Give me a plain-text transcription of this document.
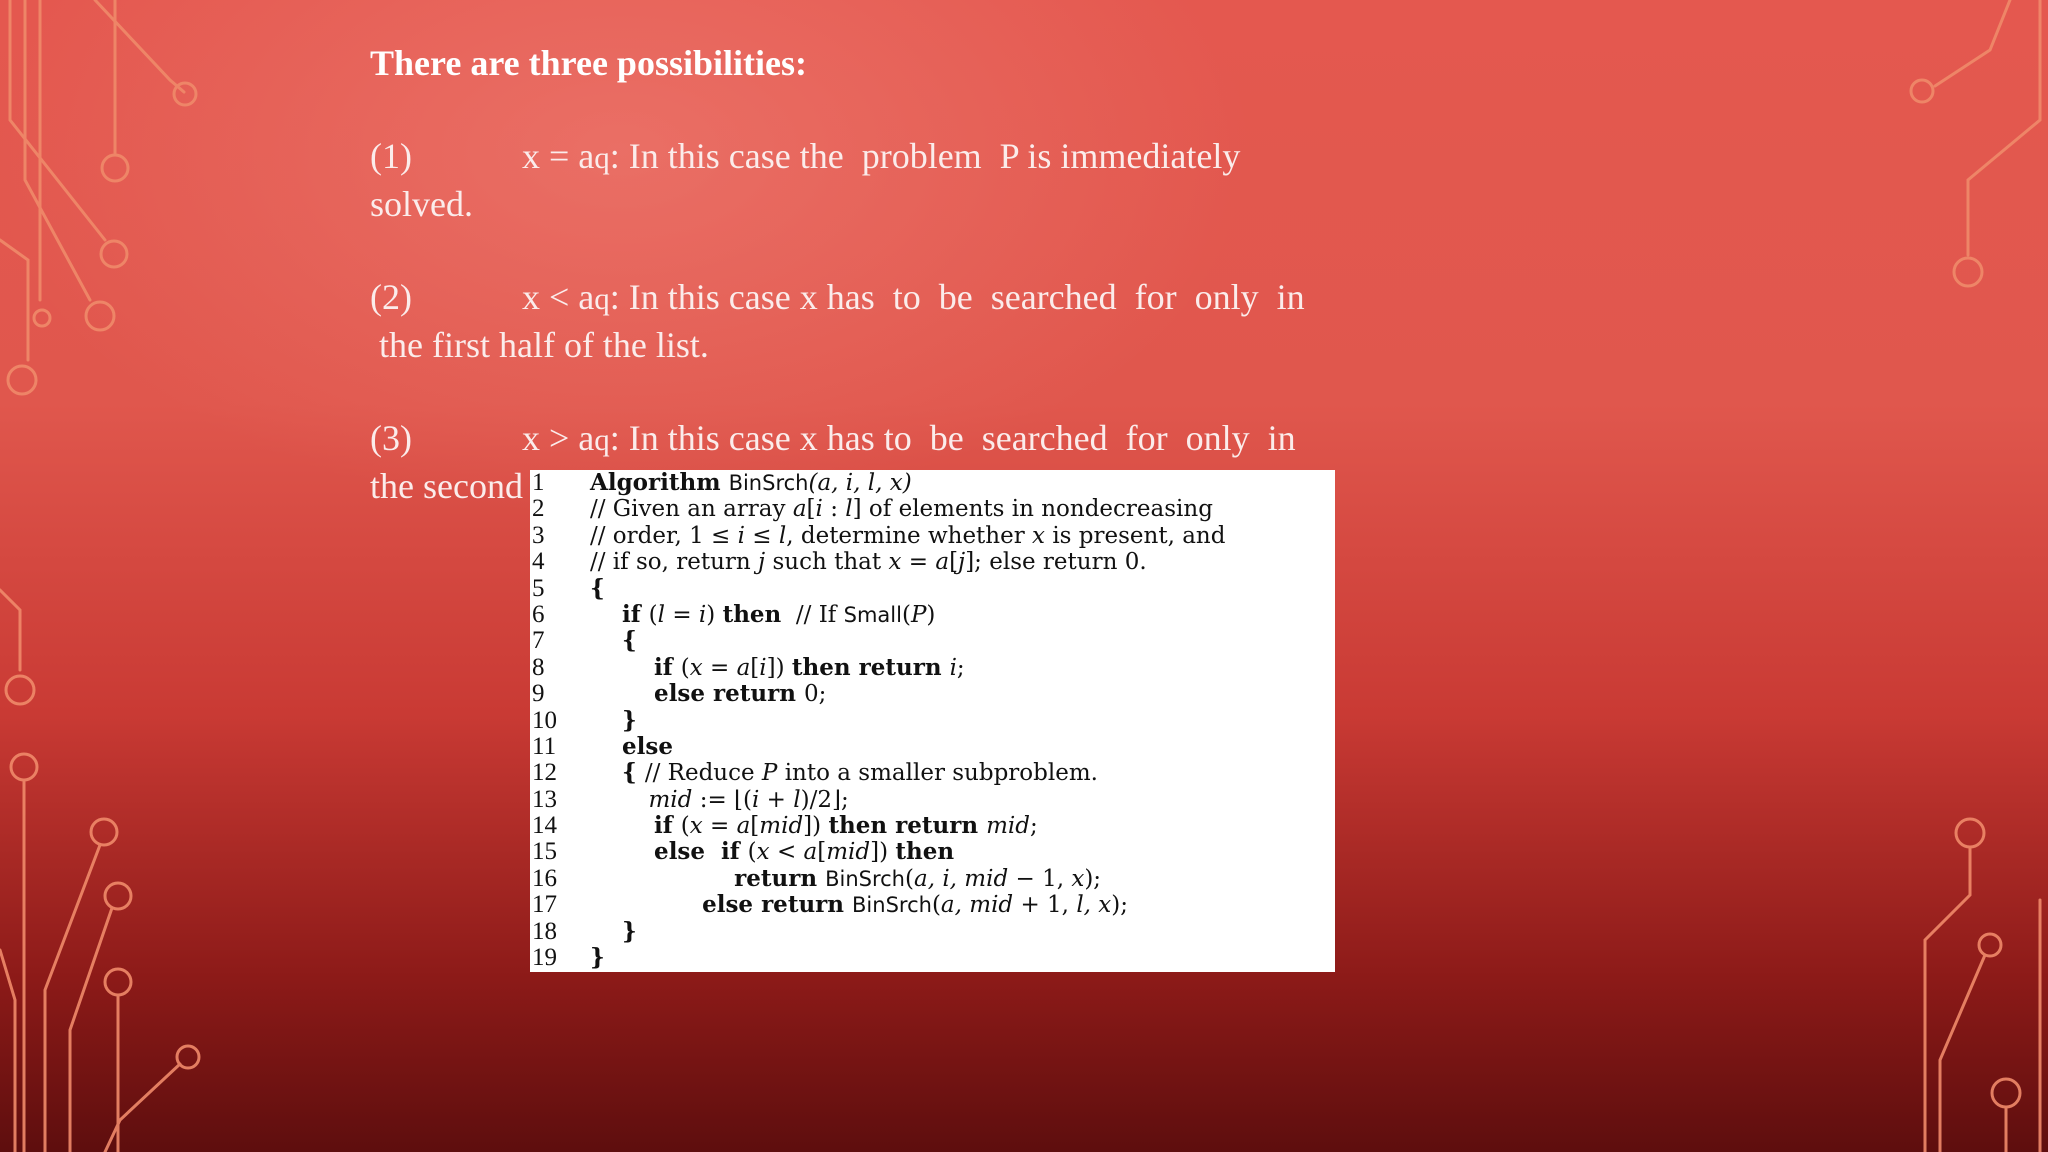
There are three possibilities:
(1)	x = aq: In this case the  problem  P is immediately
solved.
(2)	x < aq: In this case x has  to  be  searched  for  only  in
the first half of the list.
(3)	x > aq: In this case x has to  be  searched  for  only  in
the second 1	Algorithm BinSrch(a, i, l, x)
2	// Given an array a[i : l] of elements in nondecreasing
3	// order, 1 ≤ i ≤ l, determine whether x is present, and
4	// if so, return j such that x = a[j]; else return 0.
5	{
6	if (l = i) then  // If Small(P)
7	{
8	if (x = a[i]) then return i;
9	else return 0;
10	}
11	else
12	{ // Reduce P into a smaller subproblem.
13	mid := ⌊(i + l)/2⌋;
14	if (x = a[mid]) then return mid;
15	else  if (x < a[mid]) then
16	return BinSrch(a, i, mid − 1, x);
17	else return BinSrch(a, mid + 1, l, x);
18	}
19	}
